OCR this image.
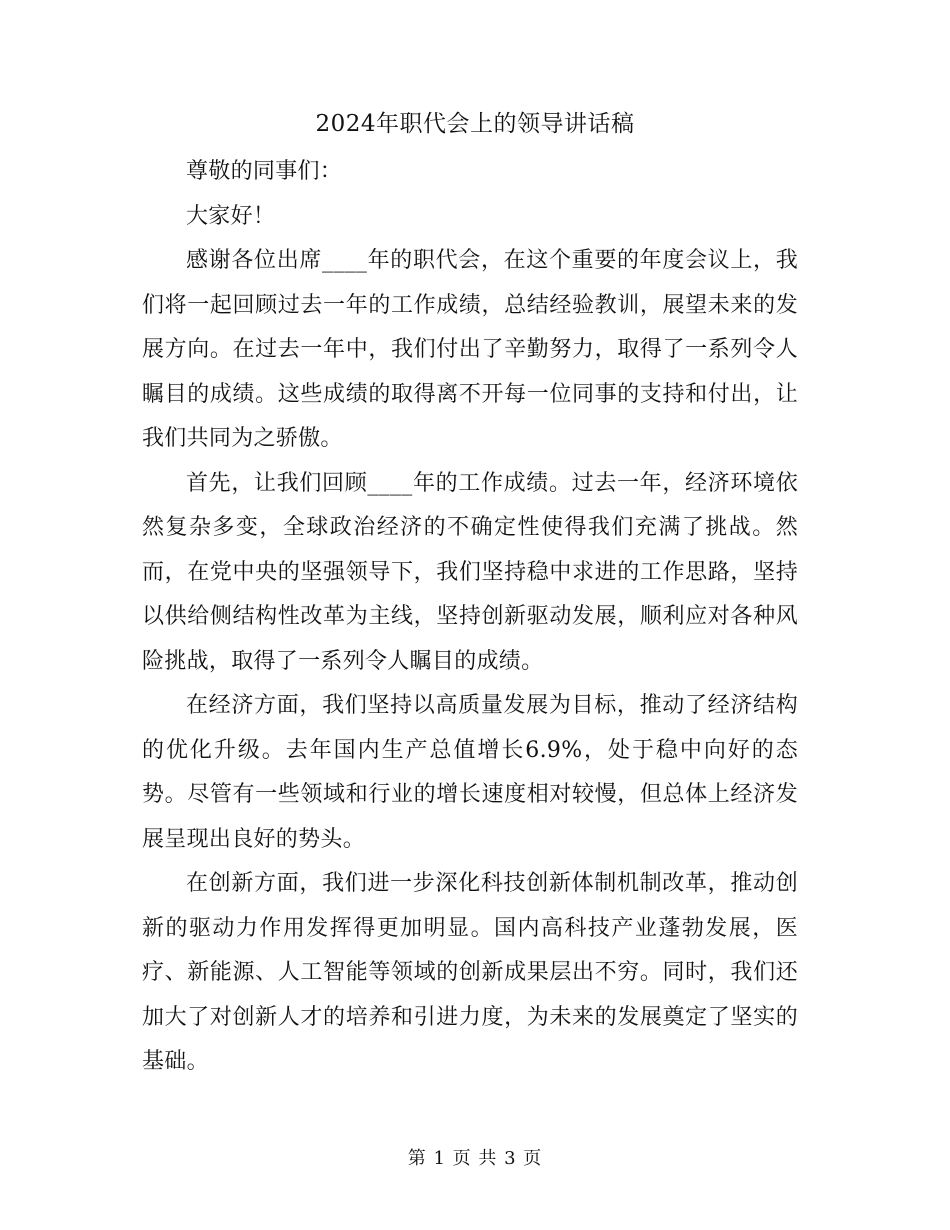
2024年职代会上的领导讲话稿

尊敬的同事们：

大家好！

感谢各位出席____年的职代会，在这个重要的年度会议上，我们将一起回顾过去一年的工作成绩，总结经验教训，展望未来的发展方向。在过去一年中，我们付出了辛勤努力，取得了一系列令人瞩目的成绩。这些成绩的取得离不开每一位同事的支持和付出，让我们共同为之骄傲。

首先，让我们回顾____年的工作成绩。过去一年，经济环境依然复杂多变，全球政治经济的不确定性使得我们充满了挑战。然而，在党中央的坚强领导下，我们坚持稳中求进的工作思路，坚持以供给侧结构性改革为主线，坚持创新驱动发展，顺利应对各种风险挑战，取得了一系列令人瞩目的成绩。

在经济方面，我们坚持以高质量发展为目标，推动了经济结构的优化升级。去年国内生产总值增长6.9%，处于稳中向好的态势。尽管有一些领域和行业的增长速度相对较慢，但总体上经济发展呈现出良好的势头。

在创新方面，我们进一步深化科技创新体制机制改革，推动创新的驱动力作用发挥得更加明显。国内高科技产业蓬勃发展，医疗、新能源、人工智能等领域的创新成果层出不穷。同时，我们还加大了对创新人才的培养和引进力度，为未来的发展奠定了坚实的基础。

第 1 页 共 3 页
